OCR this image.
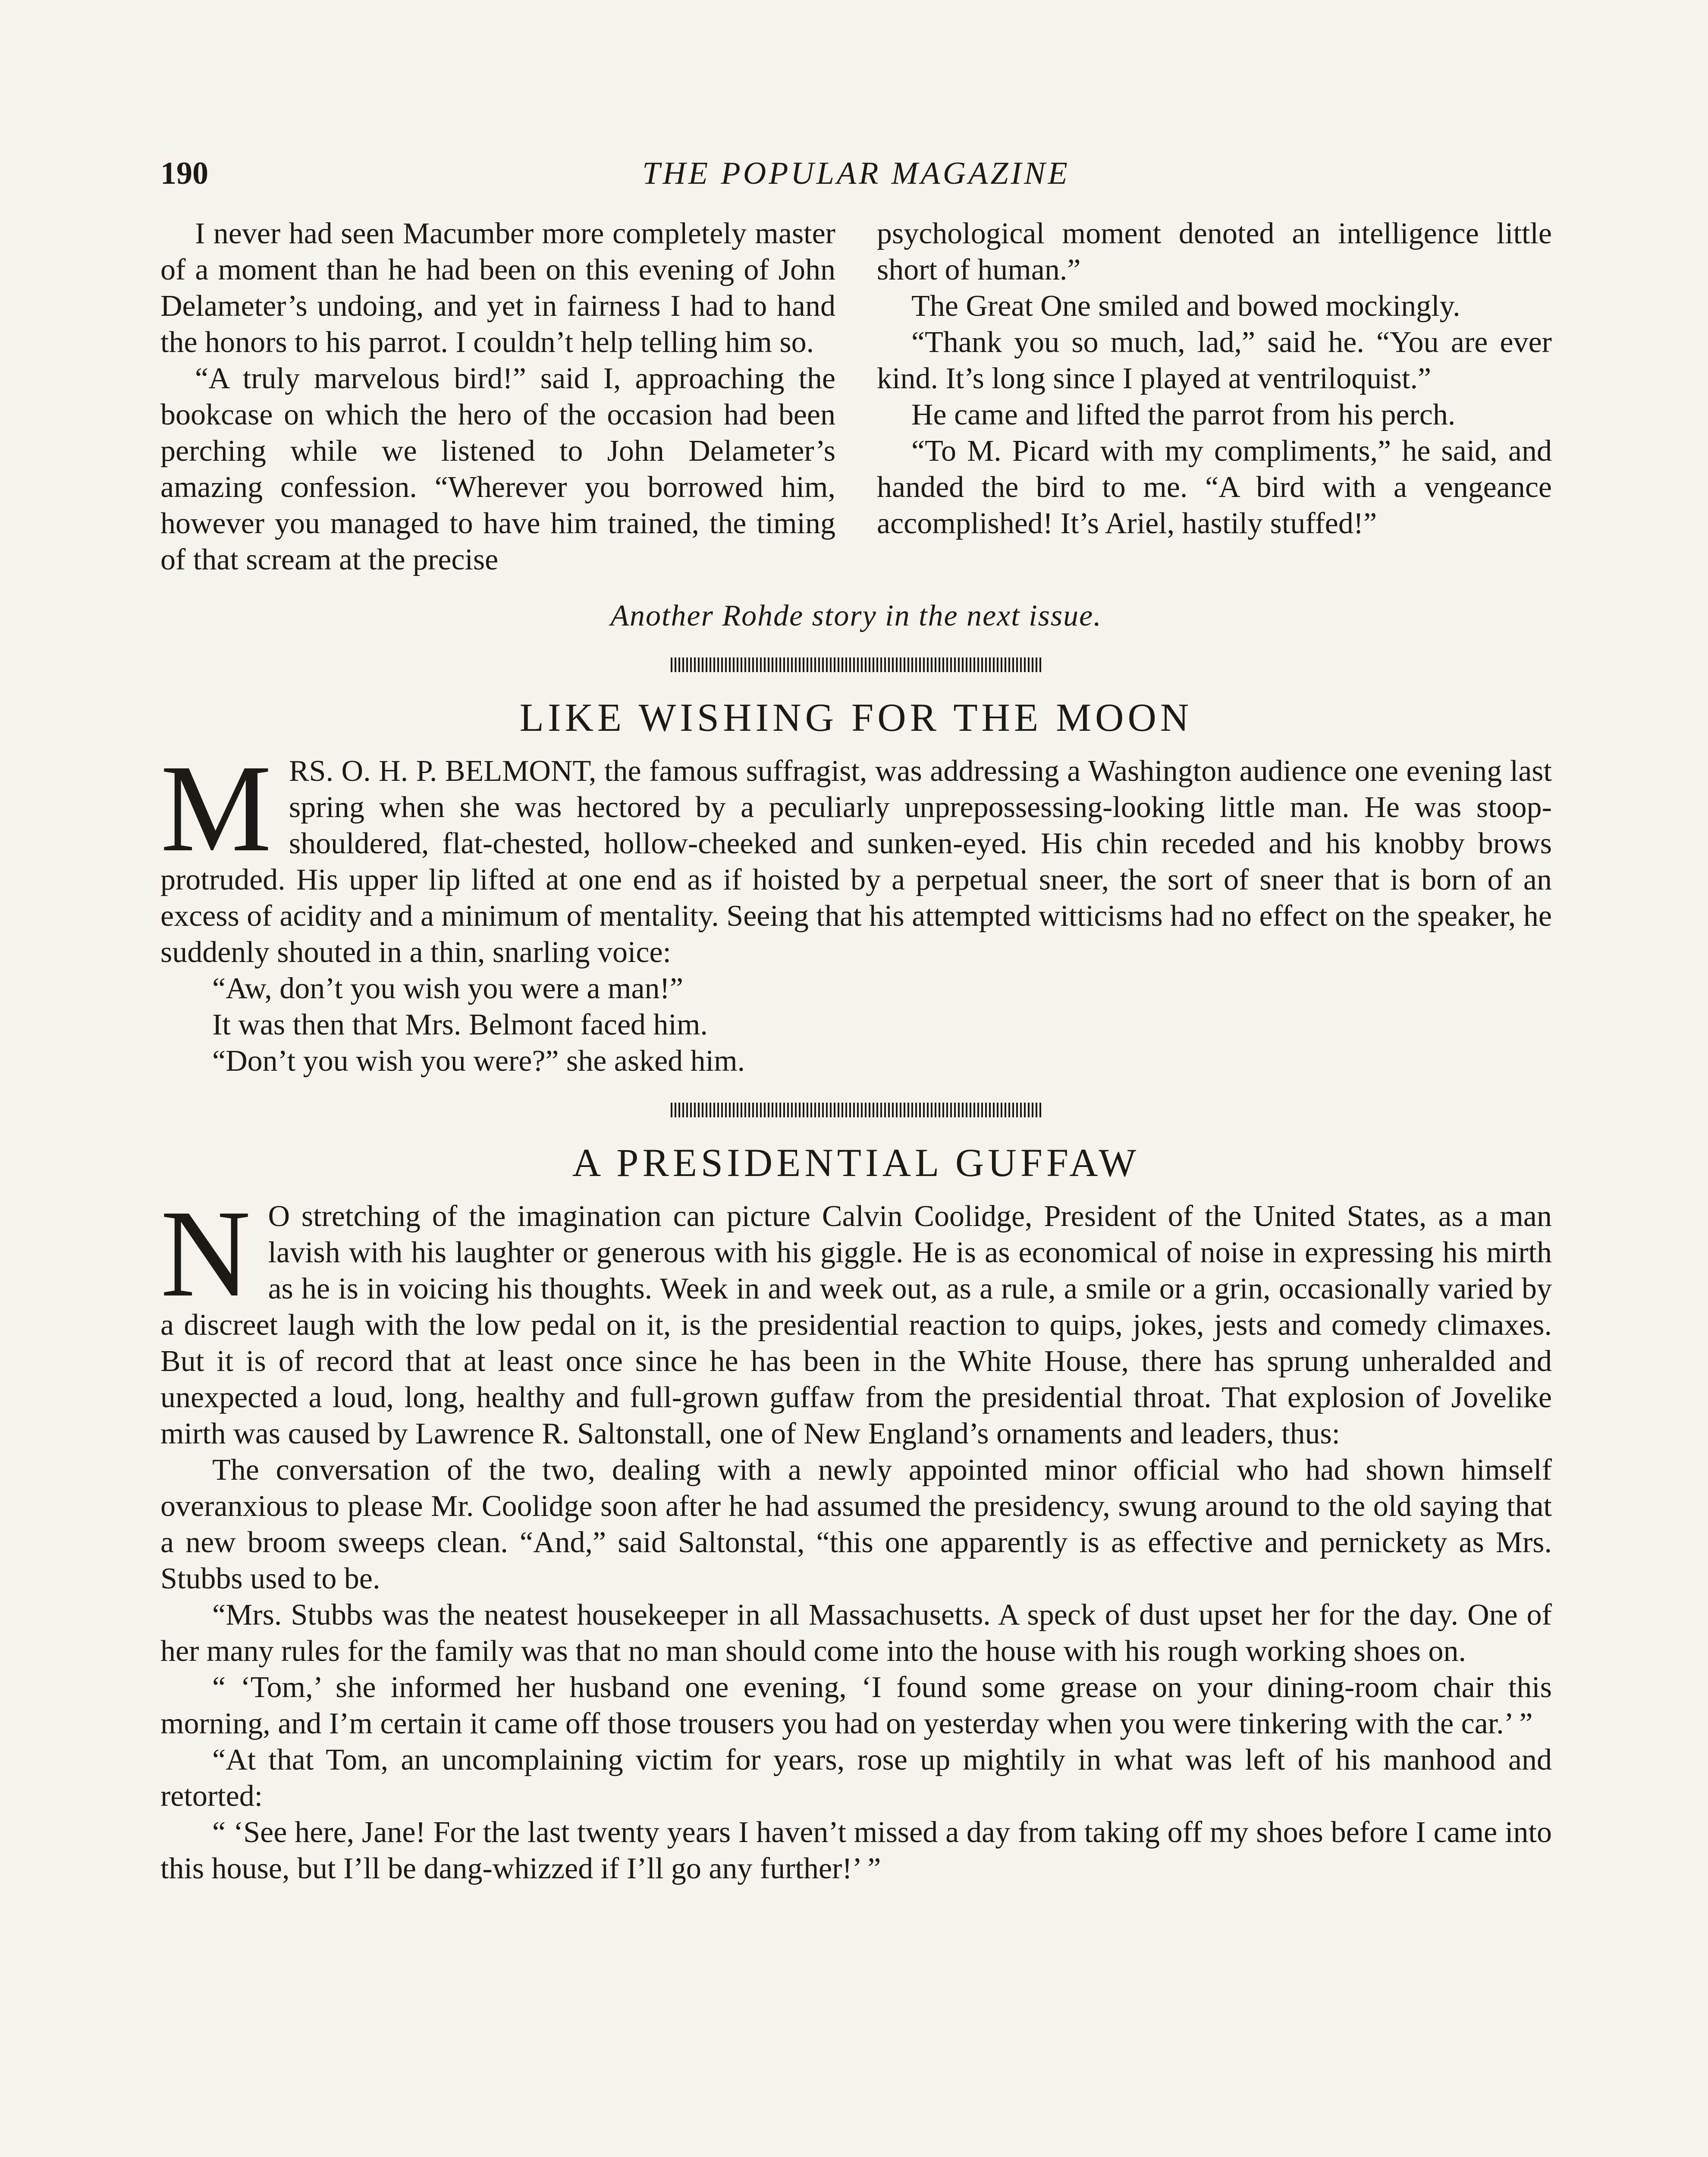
190	THE POPULAR MAGAZINE

I never had seen Macumber more completely master of a moment than he had been on this evening of John Delameter’s undoing, and yet in fairness I had to hand the honors to his parrot. I couldn’t help telling him so.

“A truly marvelous bird!” said I, approaching the bookcase on which the hero of the occasion had been perching while we listened to John Delameter’s amazing confession. “Wherever you borrowed him, however you managed to have him trained, the timing of that scream at the precise

psychological moment denoted an intelligence little short of human.”

The Great One smiled and bowed mockingly.

“Thank you so much, lad,” said he. “You are ever kind. It’s long since I played at ventriloquist.”

He came and lifted the parrot from his perch.

“To M. Picard with my compliments,” he said, and handed the bird to me. “A bird with a vengeance accomplished! It’s Ariel, hastily stuffed!”

Another Rohde story in the next issue.
LIKE WISHING FOR THE MOON

MRS. O. H. P. BELMONT, the famous suffragist, was addressing a Washington audience one evening last spring when she was hectored by a peculiarly unprepossessing-looking little man. He was stoop-shouldered, flat-chested, hollow-cheeked and sunken-eyed. His chin receded and his knobby brows protruded. His upper lip lifted at one end as if hoisted by a perpetual sneer, the sort of sneer that is born of an excess of acidity and a minimum of mentality. Seeing that his attempted witticisms had no effect on the speaker, he suddenly shouted in a thin, snarling voice:

“Aw, don’t you wish you were a man!”

It was then that Mrs. Belmont faced him.

“Don’t you wish you were?” she asked him.

A PRESIDENTIAL GUFFAW

N O stretching of the imagination can picture Calvin Coolidge, President of the United States, as a man lavish with his laughter or generous with his giggle. He is as economical of noise in expressing his mirth as he is in voicing his thoughts. Week in and week out, as a rule, a smile or a grin, occasionally varied by a discreet laugh with the low pedal on it, is the presidential reaction to quips, jokes, jests and comedy climaxes. But it is of record that at least once since he has been in the White House, there has sprung unheralded and unexpected a loud, long, healthy and full-grown guffaw from the presidential throat. That explosion of Jovelike mirth was caused by Lawrence R. Saltonstall, one of New England’s ornaments and leaders, thus:

The conversation of the two, dealing with a newly appointed minor official who had shown himself overanxious to please Mr. Coolidge soon after he had assumed the presidency, swung around to the old saying that a new broom sweeps clean. “And,” said Saltonstal, “this one apparently is as effective and pernickety as Mrs. Stubbs used to be.

“Mrs. Stubbs was the neatest housekeeper in all Massachusetts. A speck of dust upset her for the day. One of her many rules for the family was that no man should come into the house with his rough working shoes on.

“ ‘Tom,’ she informed her husband one evening, ‘I found some grease on your dining-room chair this morning, and I’m certain it came off those trousers you had on yesterday when you were tinkering with the car.’ ”

“At that Tom, an uncomplaining victim for years, rose up mightily in what was left of his manhood and retorted:

“ ‘See here, Jane! For the last twenty years I haven’t missed a day from taking off my shoes before I came into this house, but I’ll be dang-whizzed if I’ll go any further!’ ”
